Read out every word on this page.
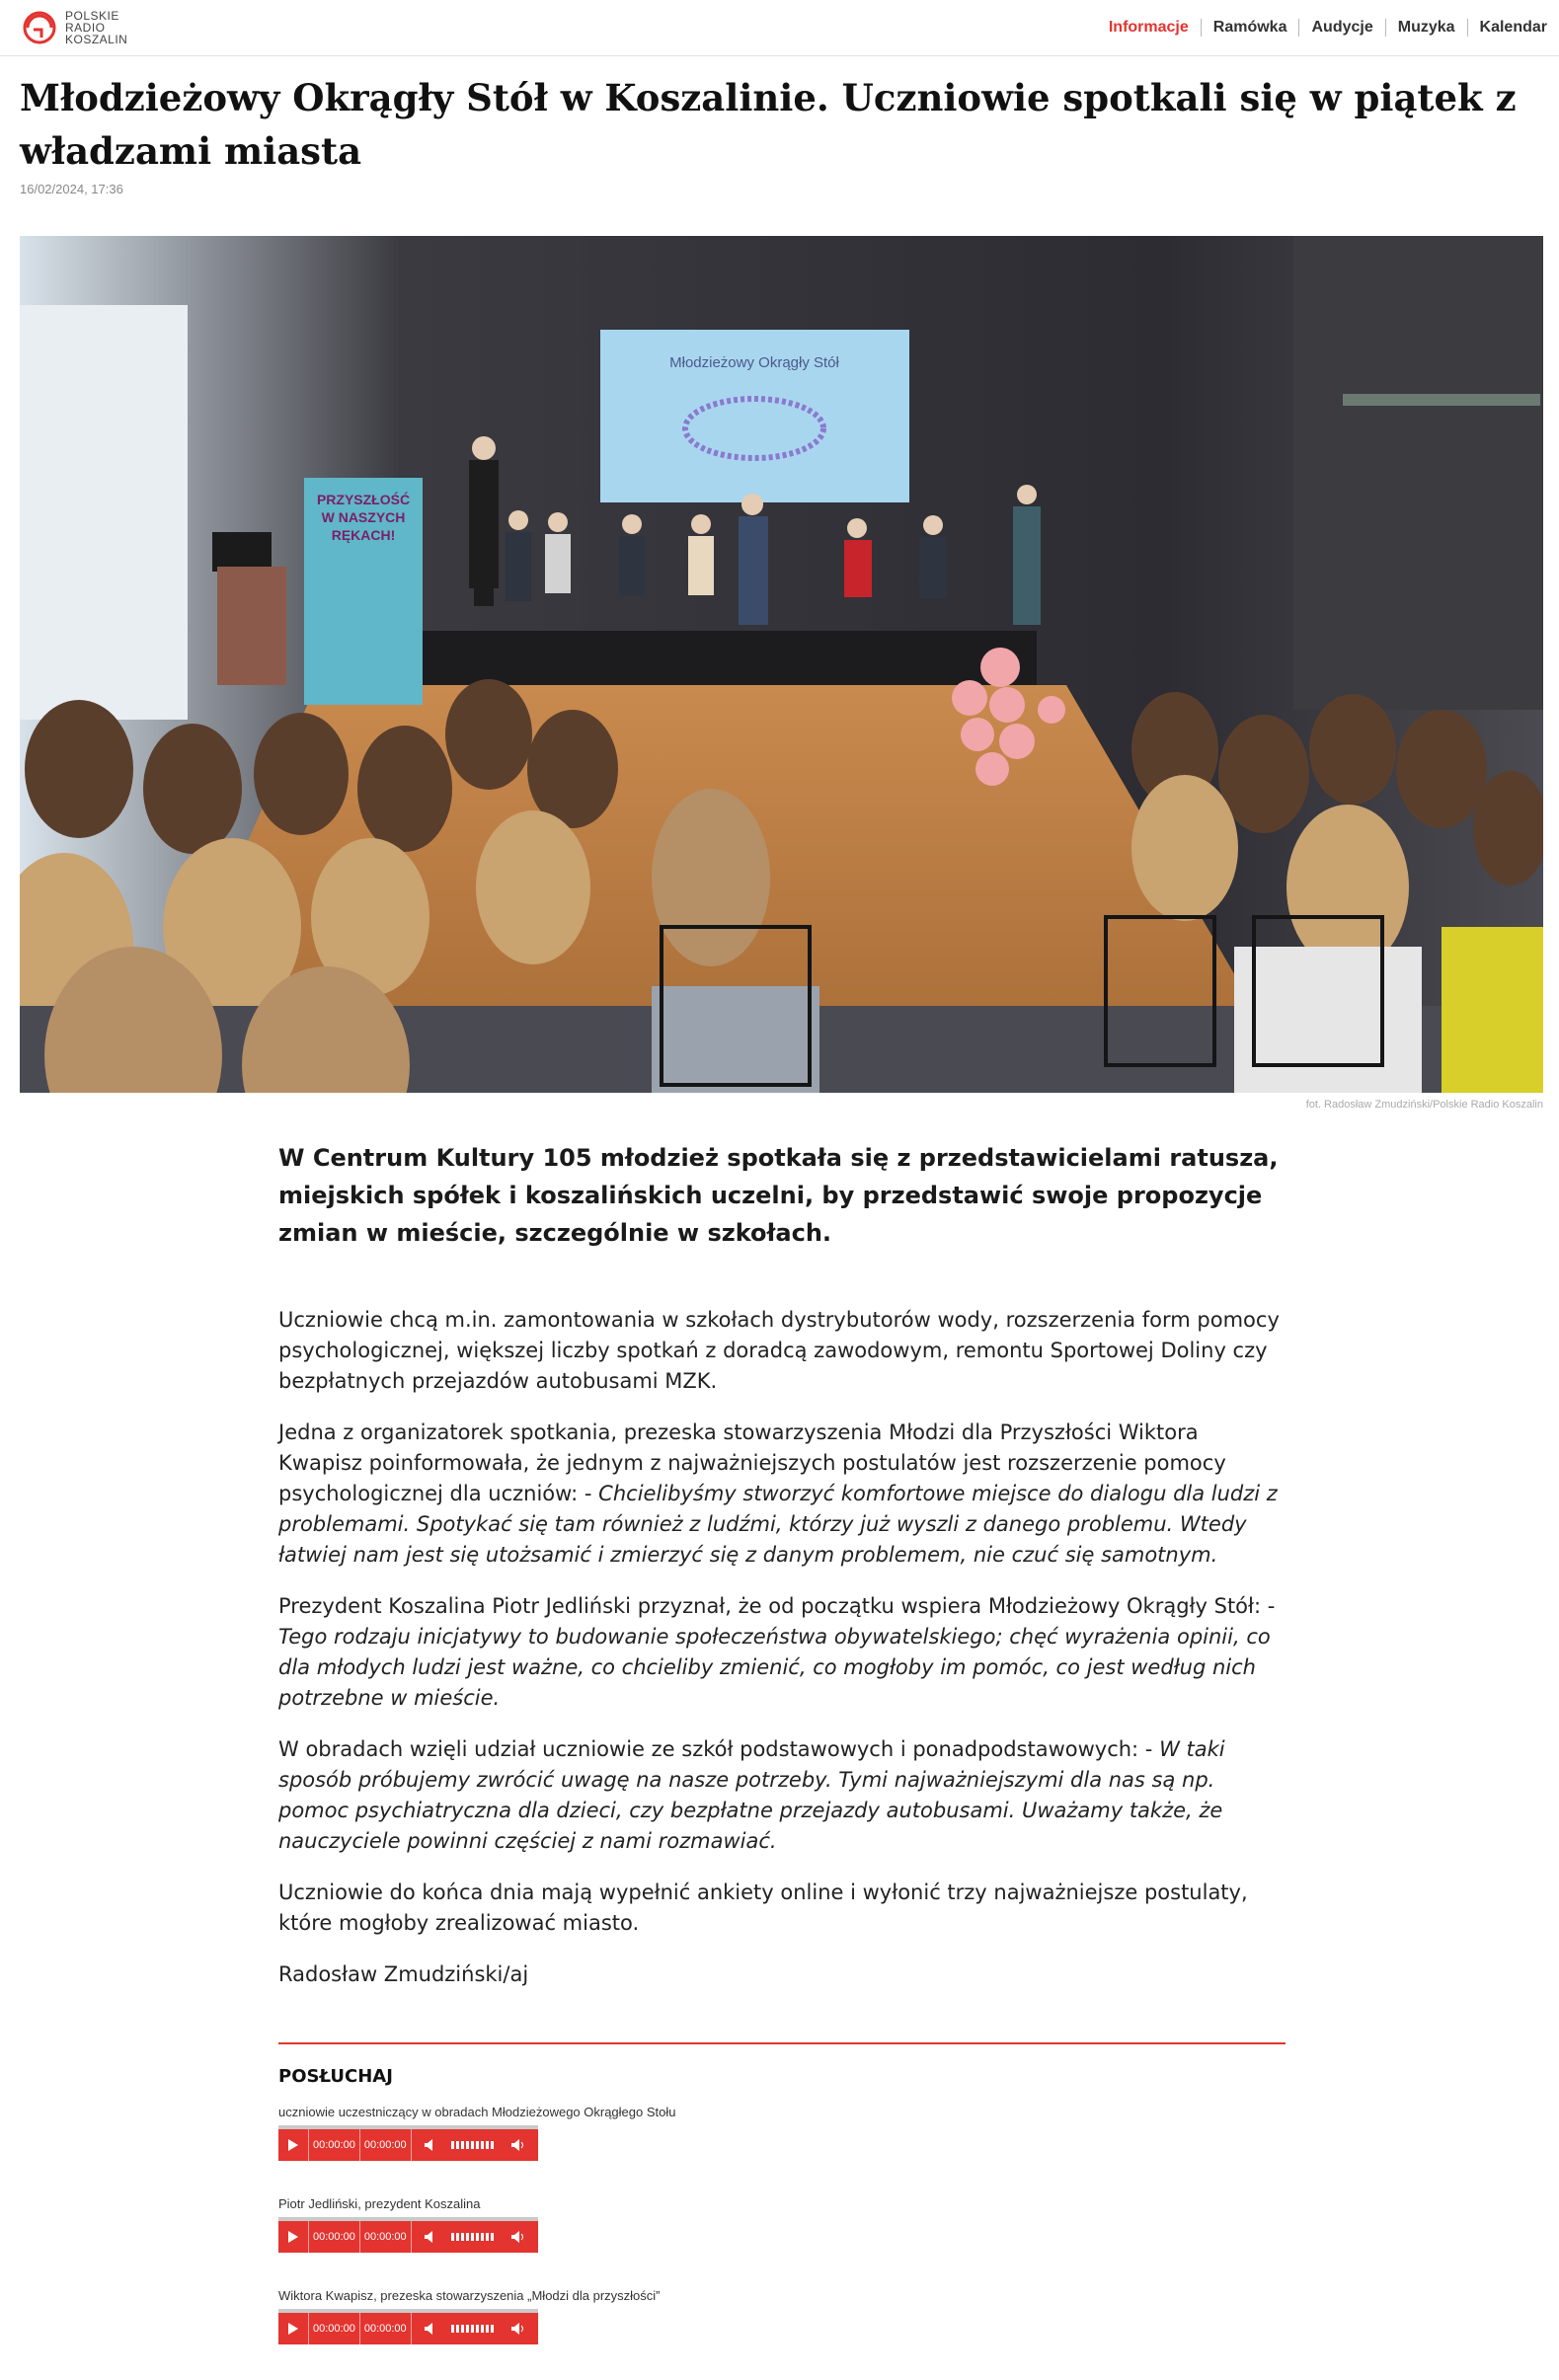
POLSKIE
RADIO
KOSZALIN
Informacje	Ramówka	Audycje	Muzyka	Kalendar
Młodzieżowy Okrągły Stół w Koszalinie. Uczniowie spotkali się w piątek z władzami miasta
16/02/2024, 17:36
Młodzieżowy Okrągły Stół
PRZYSZŁOŚĆ
W NASZYCH
RĘKACH!
fot. Radosław Zmudziński/Polskie Radio Koszalin

W Centrum Kultury 105 młodzież spotkała się z przedstawicielami ratusza, miejskich spółek i koszalińskich uczelni, by przedstawić swoje propozycje zmian w mieście, szczególnie w szkołach.

Uczniowie chcą m.in. zamontowania w szkołach dystrybutorów wody, rozszerzenia form pomocy psychologicznej, większej liczby spotkań z doradcą zawodowym, remontu Sportowej Doliny czy bezpłatnych przejazdów autobusami MZK.

Jedna z organizatorek spotkania, prezeska stowarzyszenia Młodzi dla Przyszłości Wiktora Kwapisz poinformowała, że jednym z najważniejszych postulatów jest rozszerzenie pomocy psychologicznej dla uczniów: - Chcielibyśmy stworzyć komfortowe miejsce do dialogu dla ludzi z problemami. Spotykać się tam również z ludźmi, którzy już wyszli z danego problemu. Wtedy łatwiej nam jest się utożsamić i zmierzyć się z danym problemem, nie czuć się samotnym.

Prezydent Koszalina Piotr Jedliński przyznał, że od początku wspiera Młodzieżowy Okrągły Stół: - Tego rodzaju inicjatywy to budowanie społeczeństwa obywatelskiego; chęć wyrażenia opinii, co dla młodych ludzi jest ważne, co chcieliby zmienić, co mogłoby im pomóc, co jest według nich potrzebne w mieście.

W obradach wzięli udział uczniowie ze szkół podstawowych i ponadpodstawowych: - W taki sposób próbujemy zwrócić uwagę na nasze potrzeby. Tymi najważniejszymi dla nas są np. pomoc psychiatryczna dla dzieci, czy bezpłatne przejazdy autobusami. Uważamy także, że nauczyciele powinni częściej z nami rozmawiać.

Uczniowie do końca dnia mają wypełnić ankiety online i wyłonić trzy najważniejsze postulaty, które mogłoby zrealizować miasto.

Radosław Zmudziński/aj

POSŁUCHAJ
uczniowie uczestniczący w obradach Młodzieżowego Okrągłego Stołu
00:00:00 00:00:00
Piotr Jedliński, prezydent Koszalina
00:00:00 00:00:00
Wiktora Kwapisz, prezeska stowarzyszenia „Młodzi dla przyszłości”
00:00:00 00:00:00
